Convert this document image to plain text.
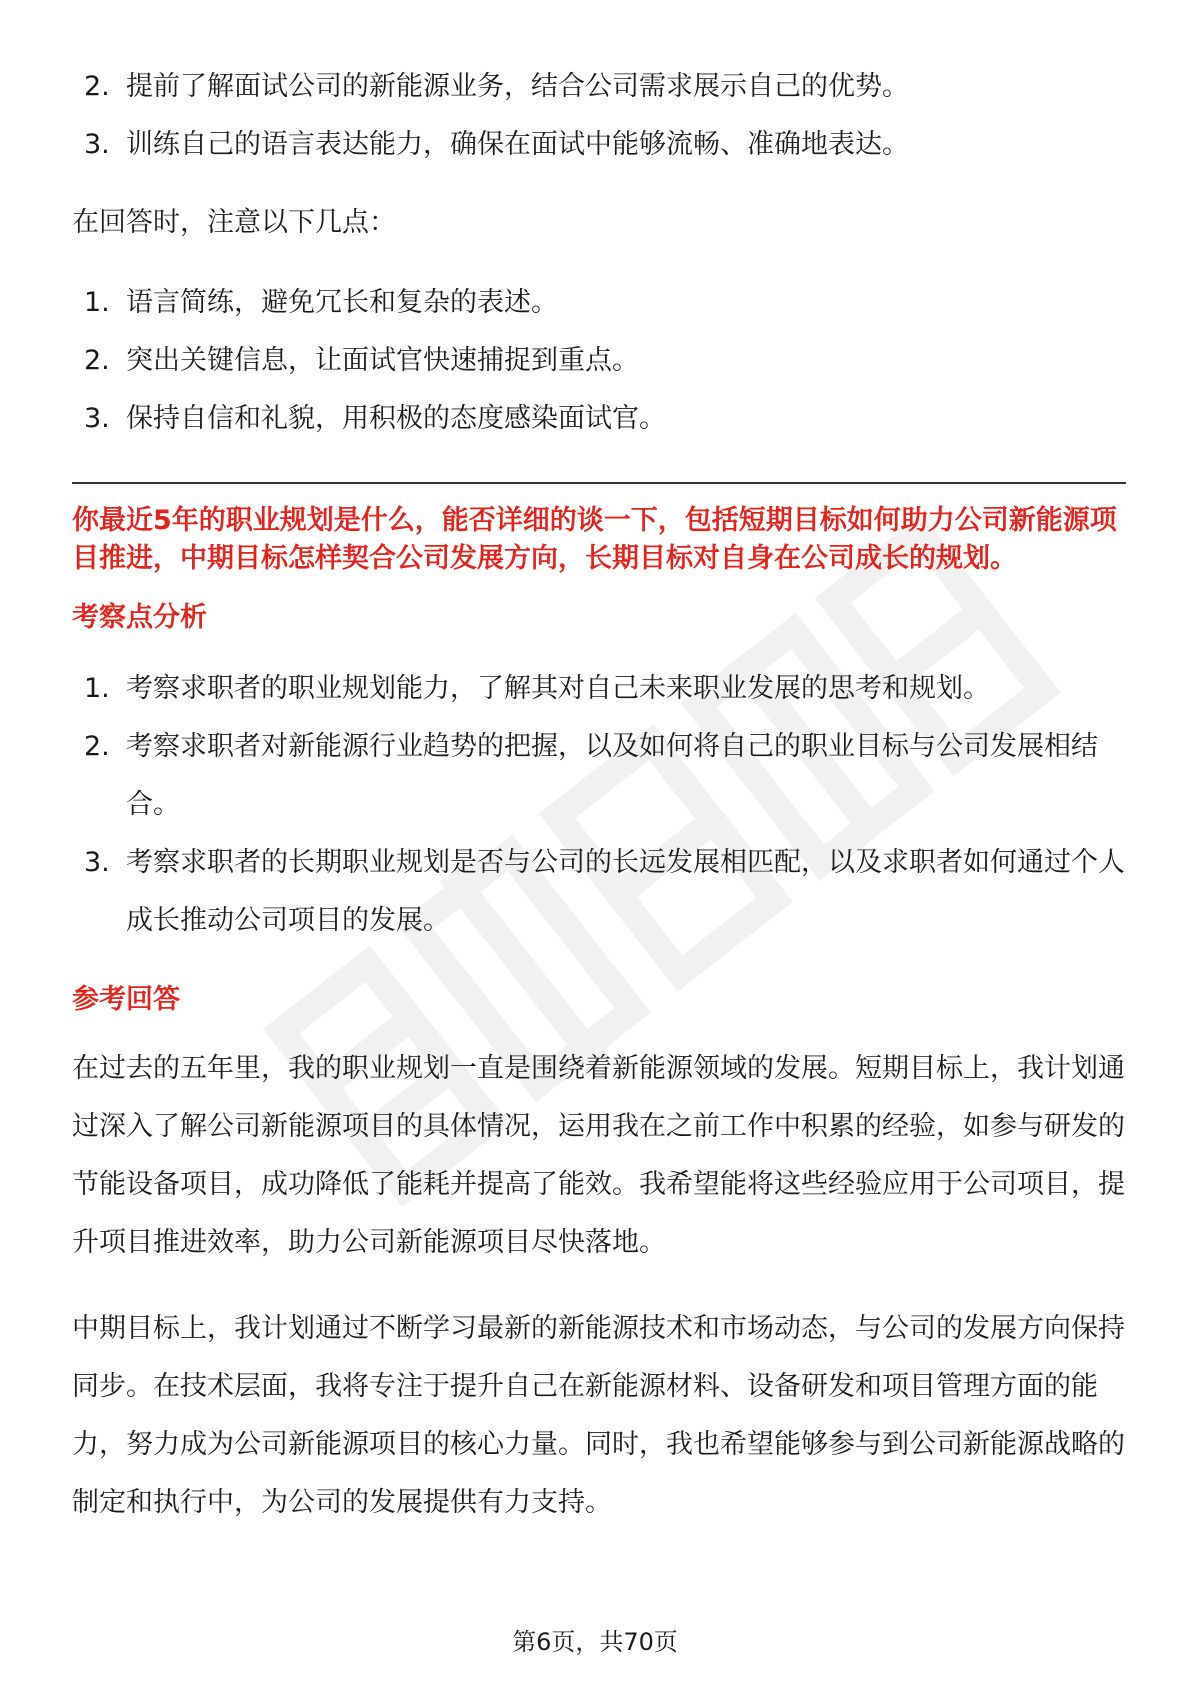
2. 提前了解面试公司的新能源业务，结合公司需求展示自己的优势。
3. 训练自己的语言表达能力，确保在面试中能够流畅、准确地表达。

在回答时，注意以下几点：

1. 语言简练，避免冗长和复杂的表述。
2. 突出关键信息，让面试官快速捕捉到重点。
3. 保持自信和礼貌，用积极的态度感染面试官。

你最近5年的职业规划是什么，能否详细的谈一下，包括短期目标如何助力公司新能源项目推进，中期目标怎样契合公司发展方向，长期目标对自身在公司成长的规划。

考察点分析

1. 考察求职者的职业规划能力，了解其对自己未来职业发展的思考和规划。
2. 考察求职者对新能源行业趋势的把握，以及如何将自己的职业目标与公司发展相结合。
3. 考察求职者的长期职业规划是否与公司的长远发展相匹配，以及求职者如何通过个人成长推动公司项目的发展。

参考回答

在过去的五年里，我的职业规划一直是围绕着新能源领域的发展。短期目标上，我计划通过深入了解公司新能源项目的具体情况，运用我在之前工作中积累的经验，如参与研发的节能设备项目，成功降低了能耗并提高了能效。我希望能将这些经验应用于公司项目，提升项目推进效率，助力公司新能源项目尽快落地。

中期目标上，我计划通过不断学习最新的新能源技术和市场动态，与公司的发展方向保持同步。在技术层面，我将专注于提升自己在新能源材料、设备研发和项目管理方面的能力，努力成为公司新能源项目的核心力量。同时，我也希望能够参与到公司新能源战略的制定和执行中，为公司的发展提供有力支持。

第6页，共70页
